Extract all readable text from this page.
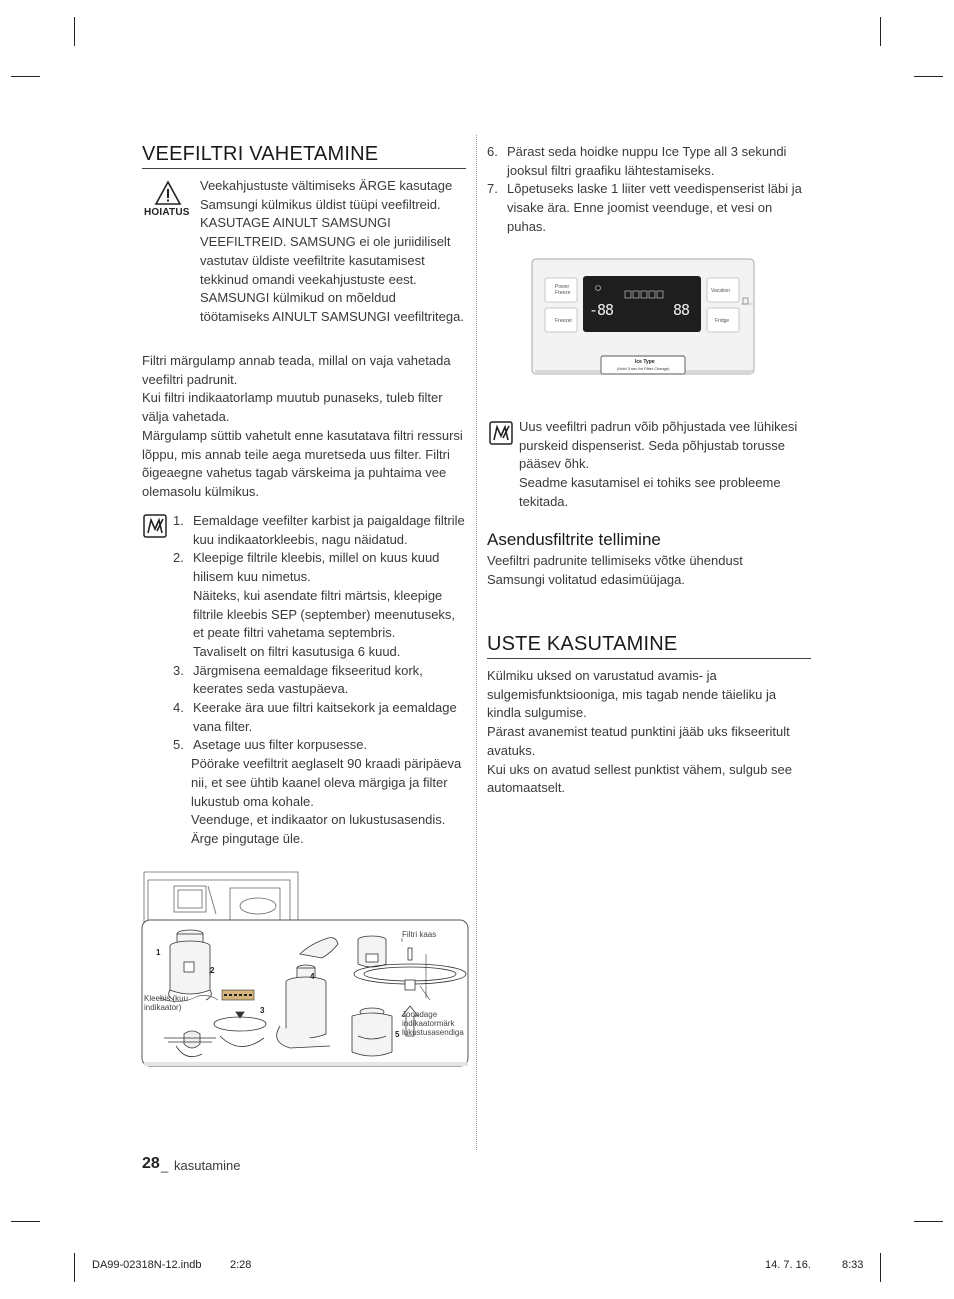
VEEFILTRI VAHETAMINE
HOIATUS
Veekahjustuste vältimiseks ÄRGE kasutage Samsungi külmikus üldist tüüpi veefiltreid. KASUTAGE AINULT SAMSUNGI VEEFILTREID. SAMSUNG ei ole juriidiliselt vastutav üldiste veefiltrite kasutamisest tekkinud omandi veekahjustuste eest. SAMSUNGI külmikud on mõeldud töötamiseks AINULT SAMSUNGI veefiltritega.

Filtri märgulamp annab teada, millal on vaja vahetada veefiltri padrunit.

Kui filtri indikaatorlamp muutub punaseks, tuleb filter välja vahetada.

Märgulamp süttib vahetult enne kasutatava filtri ressursi lõppu, mis annab teile aega muretseda uus filter. Filtri õigeaegne vahetus tagab värskeima ja puhtaima vee olemasolu külmikus.

1. Eemaldage veefilter karbist ja paigaldage filtrile kuu indikaatorkleebis, nagu näidatud.
2. Kleepige filtrile kleebis, millel on kuus kuud hilisem kuu nimetus.

Näiteks, kui asendate filtri märtsis, kleepige filtrile kleebis SEP (september) meenutuseks, et peate filtri vahetama septembris.

Tavaliselt on filtri kasutusiga 6 kuud.

3. Järgmisena eemaldage fikseeritud kork, keerates seda vastupäeva.
4. Keerake ära uue filtri kaitsekork ja eemaldage vana filter.
5. Asetage uus filter korpusesse.

Pöörake veefiltrit aeglaselt 90 kraadi päripäeva nii, et see ühtib kaanel oleva märgiga ja filter lukustub oma kohale.

Veenduge, et indikaator on lukustusasendis.

Ärge pingutage üle.

1
2
3
4
5
Kleebis (kuu indikaator)
Filtri kaas
Joondage indikaatormärk lukustusasendiga
28 _ kasutamine
6. Pärast seda hoidke nuppu Ice Type all 3 sekundi jooksul filtri graafiku lähtestamiseks.
7. Lõpetuseks laske 1 liiter vett veedispenserist läbi ja visake ära. Enne joomist veenduge, et vesi on puhas.
Power Freeze
Freezer
Vacation
Fridge
-88	88
Ice Type
(Hold 3 sec for Filter Change)

Uus veefiltri padrun võib põhjustada vee lühikesi purskeid dispenserist. Seda põhjustab torusse pääsev õhk.

Seadme kasutamisel ei tohiks see probleeme tekitada.

Asendusfiltrite tellimine
Veefiltri padrunite tellimiseks võtke ühendust Samsungi volitatud edasimüüjaga.
USTE KASUTAMINE

Külmiku uksed on varustatud avamis- ja sulgemisfunktsiooniga, mis tagab nende täieliku ja kindla sulgumise.

Pärast avanemist teatud punktini jääb uks fikseeritult avatuks.

Kui uks on avatud sellest punktist vähem, sulgub see automaatselt.

DA99-02318N-12.indb	2:28	14. 7. 16.	8:33
